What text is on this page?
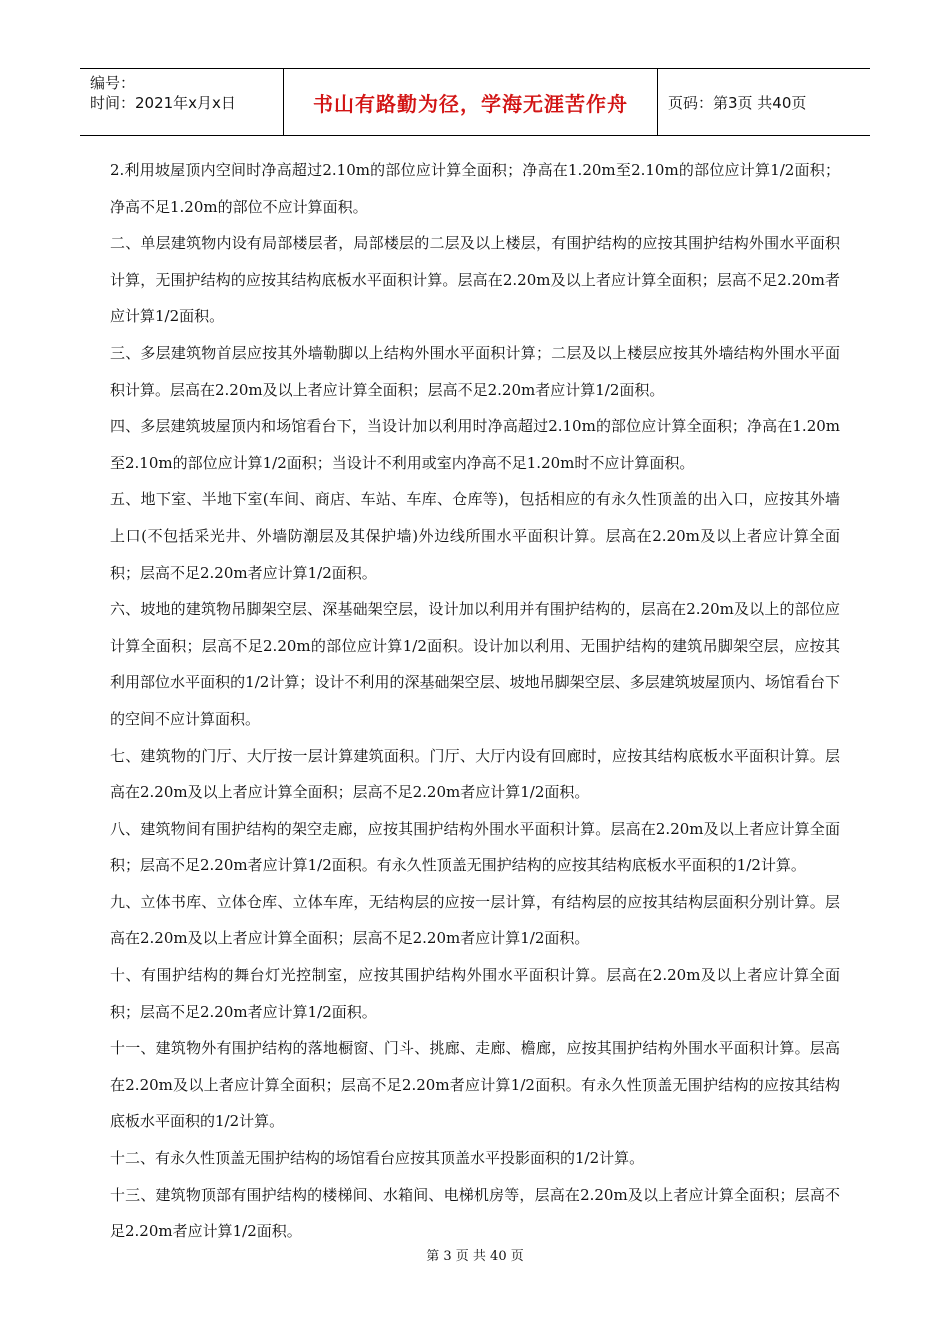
编号：
时间：2021年x月x日	书山有路勤为径，学海无涯苦作舟	页码：第3页 共40页

2.利用坡屋顶内空间时净高超过2.10m的部位应计算全面积；净高在1.20m至2.10m的部位应计算1/2面积；净高不足1.20m的部位不应计算面积。

二、单层建筑物内设有局部楼层者，局部楼层的二层及以上楼层，有围护结构的应按其围护结构外围水平面积计算，无围护结构的应按其结构底板水平面积计算。层高在2.20m及以上者应计算全面积；层高不足2.20m者应计算1/2面积。

三、多层建筑物首层应按其外墙勒脚以上结构外围水平面积计算；二层及以上楼层应按其外墙结构外围水平面积计算。层高在2.20m及以上者应计算全面积；层高不足2.20m者应计算1/2面积。

四、多层建筑坡屋顶内和场馆看台下，当设计加以利用时净高超过2.10m的部位应计算全面积；净高在1.20m至2.10m的部位应计算1/2面积；当设计不利用或室内净高不足1.20m时不应计算面积。

五、地下室、半地下室(车间、商店、车站、车库、仓库等)，包括相应的有永久性顶盖的出入口，应按其外墙上口(不包括采光井、外墙防潮层及其保护墙)外边线所围水平面积计算。层高在2.20m及以上者应计算全面积；层高不足2.20m者应计算1/2面积。

六、坡地的建筑物吊脚架空层、深基础架空层，设计加以利用并有围护结构的，层高在2.20m及以上的部位应计算全面积；层高不足2.20m的部位应计算1/2面积。设计加以利用、无围护结构的建筑吊脚架空层，应按其利用部位水平面积的1/2计算；设计不利用的深基础架空层、坡地吊脚架空层、多层建筑坡屋顶内、场馆看台下的空间不应计算面积。

七、建筑物的门厅、大厅按一层计算建筑面积。门厅、大厅内设有回廊时，应按其结构底板水平面积计算。层高在2.20m及以上者应计算全面积；层高不足2.20m者应计算1/2面积。

八、建筑物间有围护结构的架空走廊，应按其围护结构外围水平面积计算。层高在2.20m及以上者应计算全面积；层高不足2.20m者应计算1/2面积。有永久性顶盖无围护结构的应按其结构底板水平面积的1/2计算。

九、立体书库、立体仓库、立体车库，无结构层的应按一层计算，有结构层的应按其结构层面积分别计算。层高在2.20m及以上者应计算全面积；层高不足2.20m者应计算1/2面积。

十、有围护结构的舞台灯光控制室，应按其围护结构外围水平面积计算。层高在2.20m及以上者应计算全面积；层高不足2.20m者应计算1/2面积。

十一、建筑物外有围护结构的落地橱窗、门斗、挑廊、走廊、檐廊，应按其围护结构外围水平面积计算。层高在2.20m及以上者应计算全面积；层高不足2.20m者应计算1/2面积。有永久性顶盖无围护结构的应按其结构底板水平面积的1/2计算。

十二、有永久性顶盖无围护结构的场馆看台应按其顶盖水平投影面积的1/2计算。

十三、建筑物顶部有围护结构的楼梯间、水箱间、电梯机房等，层高在2.20m及以上者应计算全面积；层高不足2.20m者应计算1/2面积。

第 3 页 共 40 页
